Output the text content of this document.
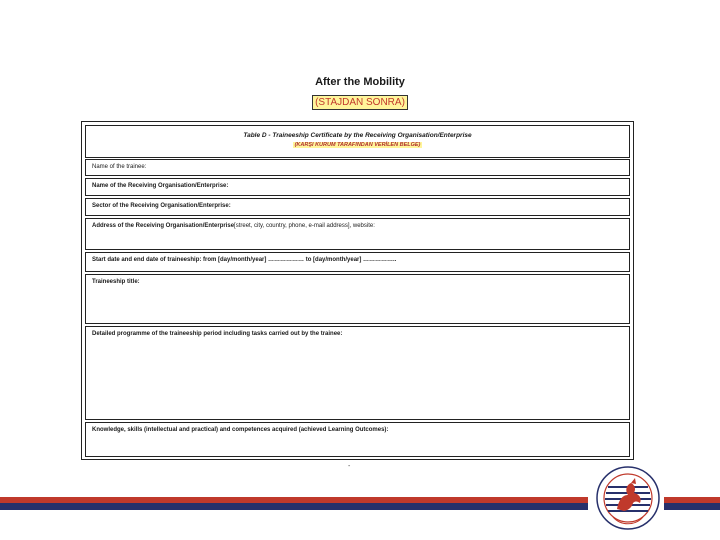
After the Mobility
(STAJDAN SONRA)
Table D - Traineeship Certificate by the Receiving Organisation/Enterprise
(KARŞI KURUM TARAFINDAN VERİLEN BELGE)
Name of the trainee:
Name of the Receiving Organisation/Enterprise:
Sector of the Receiving Organisation/Enterprise:
Address of the Receiving Organisation/Enterprise[street, city, country, phone, e-mail address], website:
Start date and end date of traineeship: from [day/month/year] ……………… to [day/month/year] ……………..
Traineeship title:
Detailed programme of the traineeship period including tasks carried out by the trainee:
Knowledge, skills (intellectual and practical) and competences acquired (achieved Learning Outcomes):
-
